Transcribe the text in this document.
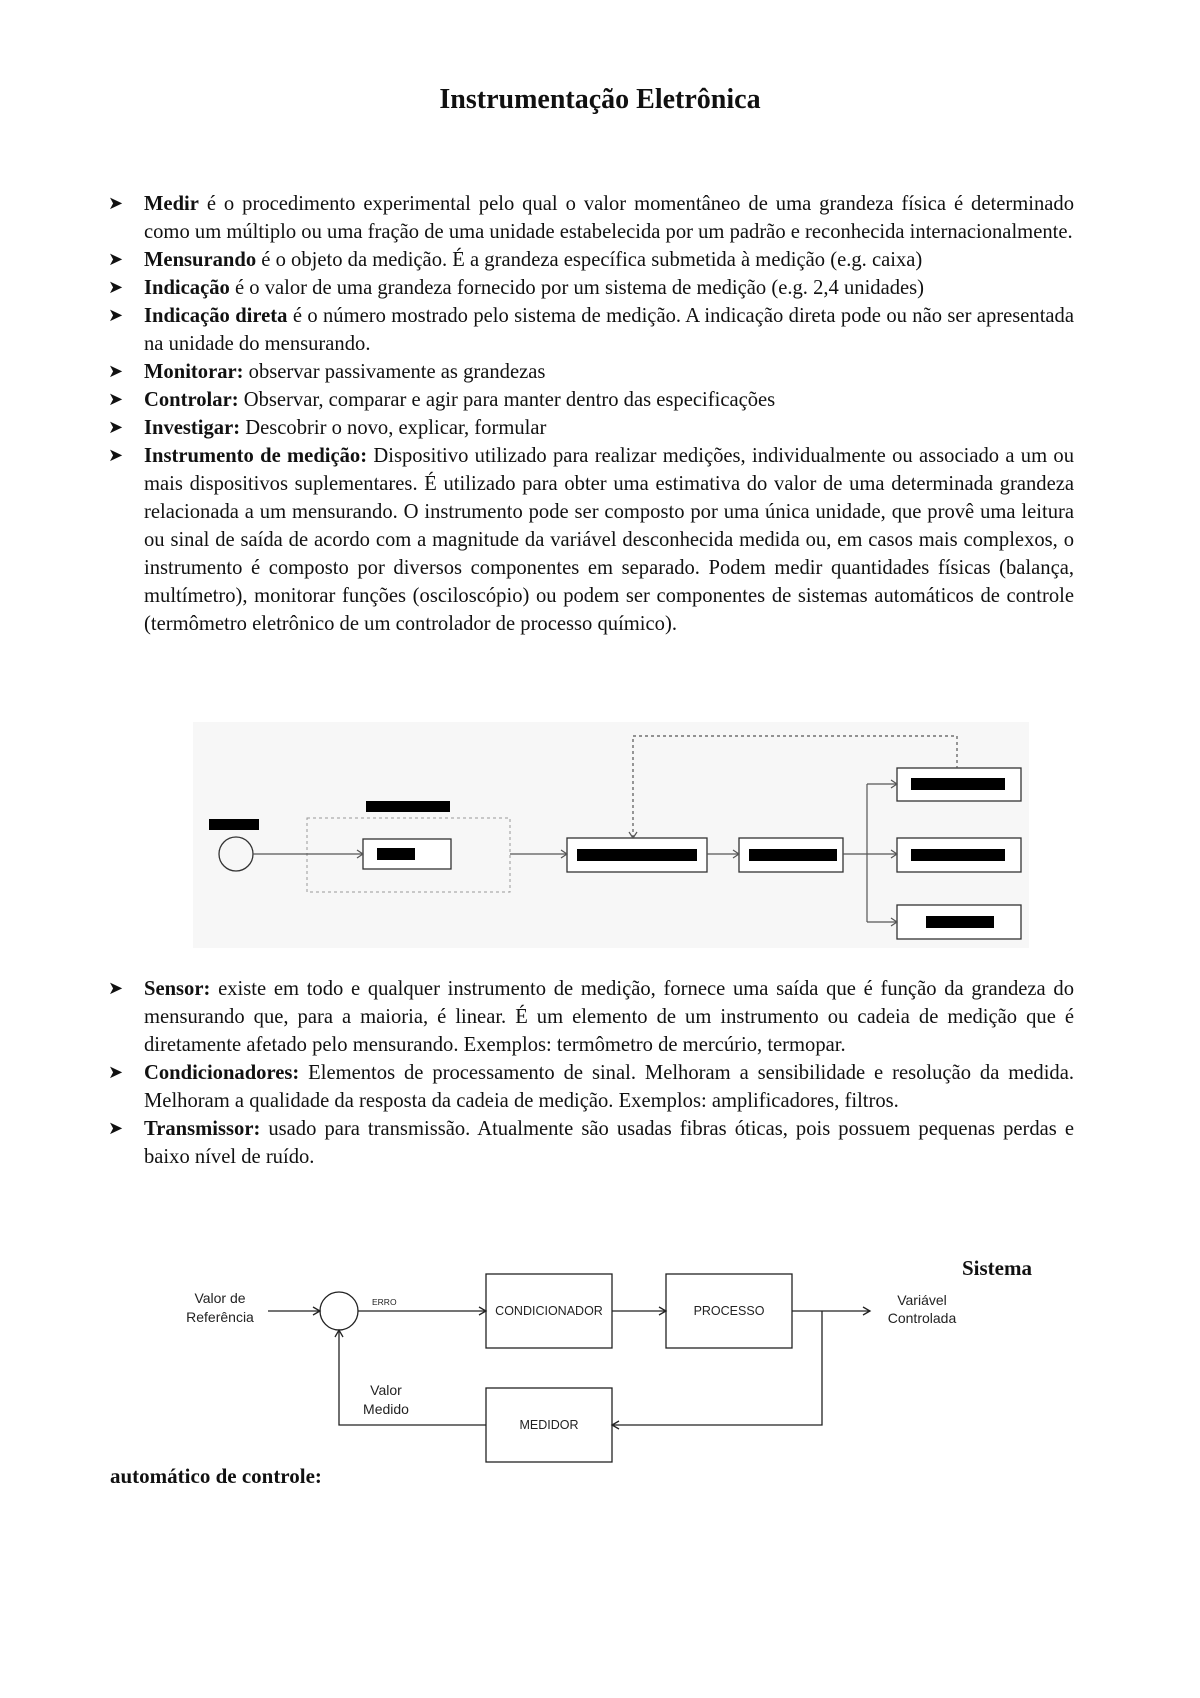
Instrumentação Eletrônica
➤ Medir é o procedimento experimental pelo qual o valor momentâneo de uma grandeza física é determinado como um múltiplo ou uma fração de uma unidade estabelecida por um padrão e reconhecida internacionalmente.
➤ Mensurando é o objeto da medição. É a grandeza específica submetida à medição (e.g. caixa)
➤ Indicação é o valor de uma grandeza fornecido por um sistema de medição (e.g. 2,4 unidades)
➤ Indicação direta é o número mostrado pelo sistema de medição. A indicação direta pode ou não ser apresentada na unidade do mensurando.
➤ Monitorar: observar passivamente as grandezas
➤ Controlar: Observar, comparar e agir para manter dentro das especificações
➤ Investigar: Descobrir o novo, explicar, formular
➤ Instrumento de medição: Dispositivo utilizado para realizar medições, individualmente ou associado a um ou mais dispositivos suplementares. É utilizado para obter uma estimativa do valor de uma determinada grandeza relacionada a um mensurando. O instrumento pode ser composto por uma única unidade, que provê uma leitura ou sinal de saída de acordo com a magnitude da variável desconhecida medida ou, em casos mais complexos, o instrumento é composto por diversos componentes em separado. Podem medir quantidades físicas (balança, multímetro), monitorar funções (osciloscópio) ou podem ser componentes de sistemas automáticos de controle (termômetro eletrônico de um controlador de processo químico).
➤ Sensor: existe em todo e qualquer instrumento de medição, fornece uma saída que é função da grandeza do mensurando que, para a maioria, é linear. É um elemento de um instrumento ou cadeia de medição que é diretamente afetado pelo mensurando. Exemplos: termômetro de mercúrio, termopar.
➤ Condicionadores: Elementos de processamento de sinal. Melhoram a sensibilidade e resolução da medida. Melhoram a qualidade da resposta da cadeia de medição. Exemplos: amplificadores, filtros.
➤ Transmissor: usado para transmissão. Atualmente são usadas fibras óticas, pois possuem pequenas perdas e baixo nível de ruído.
Sistema
Valor de
Referência
Variável
Controlada
Valor
Medido
ERRO
CONDICIONADOR	PROCESSO
MEDIDOR
automático de controle:
